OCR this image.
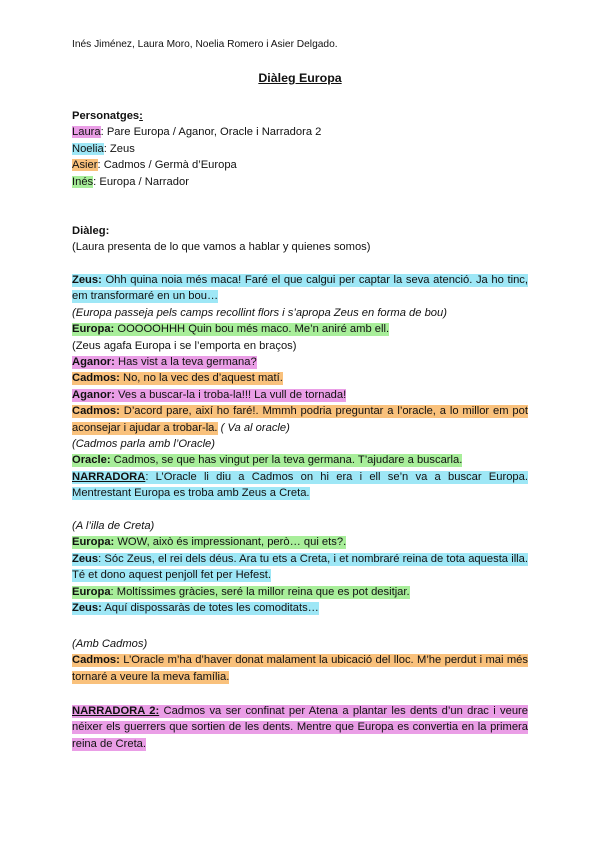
Inés Jiménez, Laura Moro, Noelia Romero i Asier Delgado.
Diàleg Europa
Personatges:
Laura: Pare Europa / Aganor, Oracle i Narradora 2
Noelia: Zeus
Asier: Cadmos / Germà d’Europa
Inés: Europa / Narrador
Diàleg:
(Laura presenta de lo que vamos a hablar y quienes somos)
Zeus: Ohh quina noia més maca! Faré el que calgui per captar la seva atenció. Ja ho tinc, em transformaré en un bou…
(Europa passeja pels camps recollint flors i s’apropa Zeus en forma de bou)
Europa: OOOOOHHH Quin bou més maco. Me’n aniré amb ell.
(Zeus agafa Europa i se l’emporta en braços)
Aganor: Has vist a la teva germana?
Cadmos: No, no la vec des d’aquest matí.
Aganor: Ves a buscar-la i troba-la!!! La vull de tornada!
Cadmos: D’acord pare, així ho faré!. Mmmh podria preguntar a l’oracle, a lo millor em pot aconsejar i ajudar a trobar-la. ( Va al oracle)
(Cadmos parla amb l’Oracle)
Oracle: Cadmos, se que has vingut per la teva germana. T’ajudare a buscarla.
NARRADORA: L’Oracle li diu a Cadmos on hi era i ell se’n va a buscar Europa. Mentrestant Europa es troba amb Zeus a Creta.
(A l’illa de Creta)
Europa: WOW, això és impressionant, però… qui ets?.
Zeus: Sóc Zeus, el rei dels déus. Ara tu ets a Creta, i et nombraré reina de tota aquesta illa. Té et dono aquest penjoll fet per Hefest.
Europa: Moltíssimes gràcies, seré la millor reina que es pot desitjar.
Zeus: Aquí dispossaràs de totes les comoditats…
(Amb Cadmos)
Cadmos: L’Oracle m’ha d’haver donat malament la ubicació del lloc. M’he perdut i mai més tornaré a veure la meva família.
NARRADORA 2: Cadmos va ser confinat per Atena a plantar les dents d’un drac i veure néixer els guerrers que sortien de les dents. Mentre que Europa es convertia en la primera reina de Creta.
